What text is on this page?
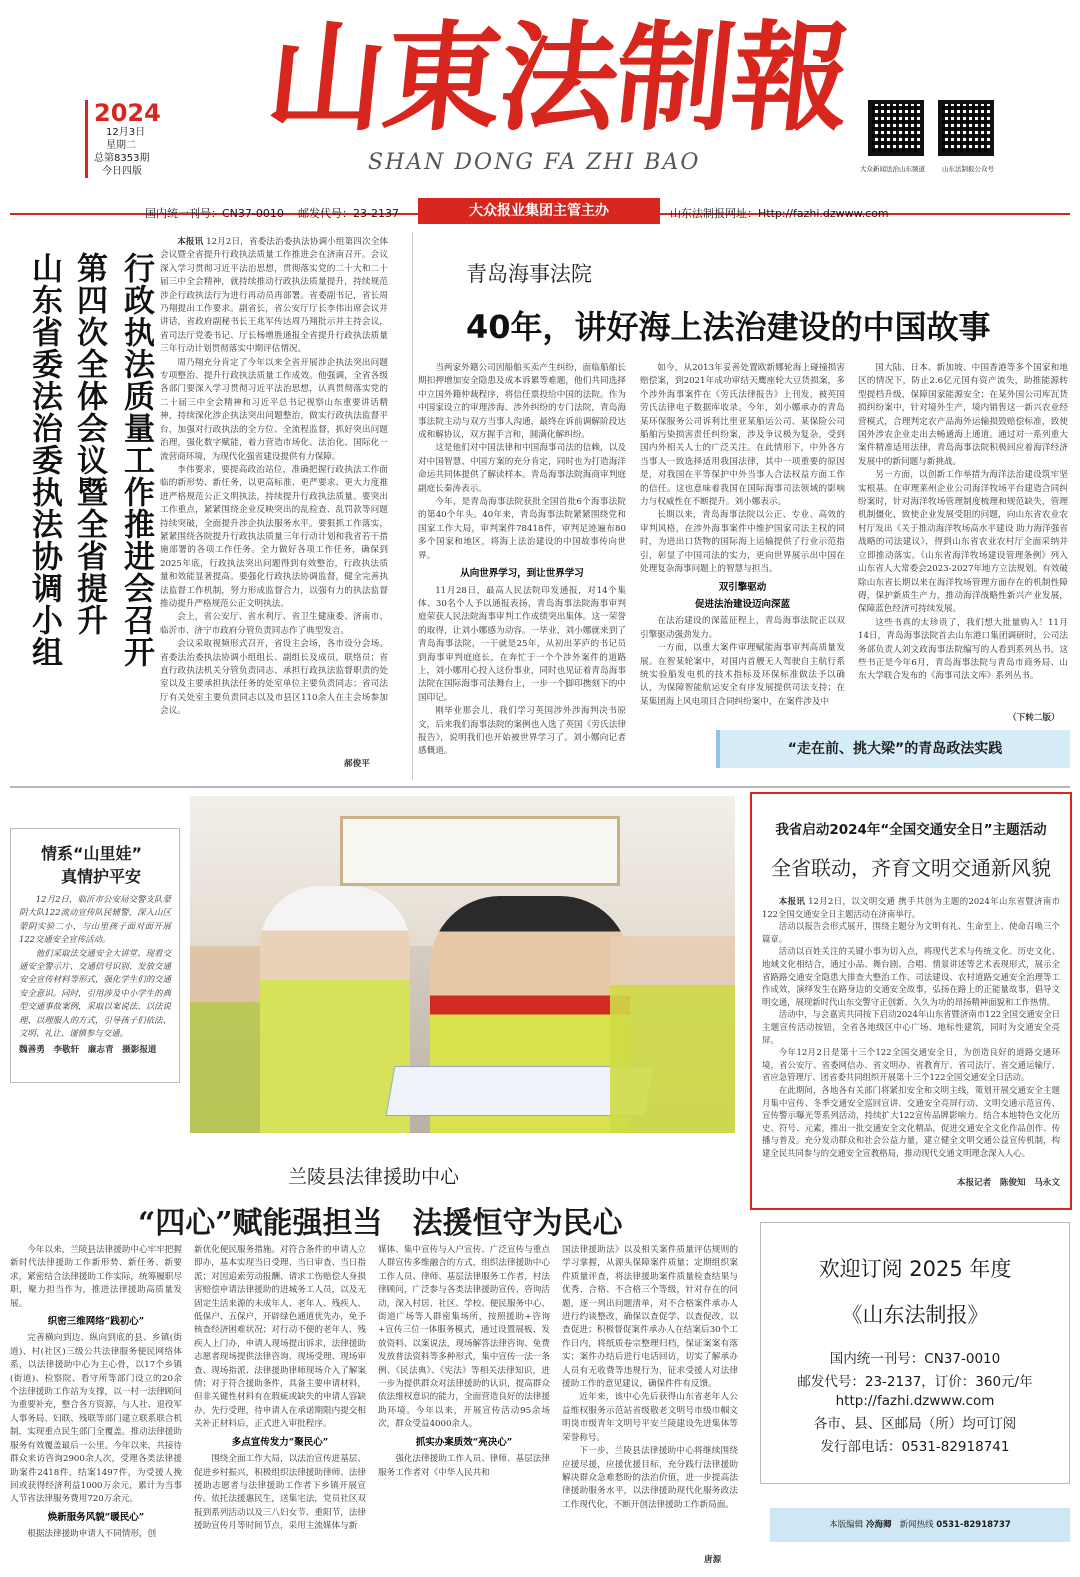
山東法制報
SHAN DONG FA ZHI BAO
2024
12月3日
星期二
总第8353期
今日四版	大众新闻法治山东频道	山东法制报公众号
国内统一刊号：CN37-0010 邮发代号：23-2137	大众报业集团主管主办	山东法制报网址：Http://fazhi.dzwww.com
山东省委法治委执法协调小组 第四次全体会议暨全省提升 行政执法质量工作推进会召开

本报讯 12月2日，省委法治委执法协调小组第四次全体会议暨全省提升行政执法质量工作推进会在济南召开。会议深入学习贯彻习近平法治思想，贯彻落实党的二十大和二十届三中全会精神，就持续推动行政执法质量提升，持续规范涉企行政执法行为进行再动员再部署。省委副书记，省长周乃翔提出工作要求。副省长，省公安厅厅长李伟出席会议并讲话，省政府副秘书长王兆军传达周乃翔批示并主持会议，省司法厅党委书记、厅长杨增胜通报全省提升行政执法质量三年行动计划贯彻落实中期评估情况。

周乃翔充分肯定了今年以来全省开展涉企执法突出问题专项整治、提升行政执法质量工作成效。他强调，全省各级各部门要深入学习贯彻习近平法治思想，认真贯彻落实党的二十届三中全会精神和习近平总书记视察山东重要讲话精神，持续深化涉企执法突出问题整治，做实行政执法监督平台，加强对行政执法的全方位、全流程监督，抓好突出问题治理，强化数字赋能，着力营造市场化、法治化、国际化一流营商环境，为现代化强省建设提供有力保障。

李伟要求，要提高政治站位，准确把握行政执法工作面临的新形势、新任务，以更高标准、更严要求、更大力度推进严格规范公正文明执法，持续提升行政执法质量。要突出工作重点，紧紧围绕企业反映突出的乱检查、乱罚款等问题持续突破，全面提升涉企执法服务水平。要狠抓工作落实，紧紧围绕各院提升行政执法质量三年行动计划和我省若干措施部署的各项工作任务。全力做好各项工作任务，确保到2025年底，行政执法突出问题得到有效整治，行政执法质量和效能显著提高。要强化行政执法协调监督，健全完善执法监督工作机制，努力形成监督合力，以强有力的执法监督推动提升严格规范公正文明执法。

会上，省公安厅、省水利厅、省卫生健康委、济南市、临沂市、济宁市政府分管负责同志作了典型发言。

会议采取视频形式召开，省设主会场，各市设分会场。省委法治委执法协调小组组长、副组长及成员，联络员；省直行政执法机关分管负责同志、承担行政执法监督职责的处室以及主要承担执法任务的处室单位主要负责同志；省司法厅有关处室主要负责同志以及市县区110余人在主会场参加会议。

郝俊平
青岛海事法院
40年，讲好海上法治建设的中国故事

当两家外籍公司因船舶买卖产生纠纷，面临船舶长期扣押增加安全隐患及成本诉累等难题，他们共同选择中立国外籍仲裁程序，将信任票投给中国的法院。作为中国家设立的审理涉海、涉外纠纷的专门法院，青岛海事法院主动与双方当事人沟通，最终在诉前调解阶段达成和解协议，双方握手言和，圆满化解纠纷。

这是他们对中国法律和中国海事司法的信赖，以及对中国智慧、中国方案的充分肯定，同时也为打造海洋命运共同体提供了解读样本。青岛海事法院海商审判庭副庭长秦涛表示。

今年，是青岛海事法院获批全国首批6个海事法院的第40个年头。40年来，青岛海事法院紧紧围绕党和国家工作大局，审判案件78418件，审判足迹遍布80多个国家和地区，将海上法治建设的中国故事传向世界。

从向世界学习，到让世界学习

11月28日，最高人民法院印发通报，对14个集体、30名个人予以通报表扬，青岛海事法院海事审判庭荣获人民法院海事审判工作成绩突出集体。这一荣誉的取得，让刘小娜感为动容。一毕业，刘小娜就来到了青岛海事法院，一干就是25年，从初出茅庐的书记员到海事审判庭庭长，在奔忙于一个个涉外案件的道路上，刘小娜用心投入这份事业，同时也见证着青岛海事法院在国际海事司法舞台上，一步一个脚印携刻下的中国印记。

刚毕业那会儿，我们学习英国涉外涉海判决书原文，后来我们海事法院的案例也入选了英国《劳氏法律报告》，说明我们也开始被世界学习了。刘小娜向记者感慨道。

如今，从2013年妥善处置欧新娜轮海上碰撞损害赔偿案，到2021年成功审结天鹰座轮大豆货损案，多个涉外海事案件在《劳氏法律报告》上刊发，被英国劳氏法律电子数据库收录。今年，刘小娜承办的青岛某环保服务公司诉利比里亚某船运公司、某保险公司船舶污染损害责任纠纷案，涉及争议极为复杂，受到国内外相关人士的广泛关注。在此情形下，中外各方当事人一致选择适用我国法律，其中一项重要的原因是，对我国在平等保护中外当事人合法权益方面工作的信任。这也意味着我国在国际海事司法领域的影响力与权威性在不断提升。刘小娜表示。

长期以来，青岛海事法院以公正、专业、高效的审判风格，在涉外海事案件中维护国家司法主权的同时，为进出口货物的国际海上运输提供了行业示范指引，彰显了中国司法的实力，更向世界展示出中国在处理复杂海事问题上的智慧与担当。

双引擎驱动

促进法治建设迈向深蓝

在法治建设的深蓝征程上，青岛海事法院正以双引擎驱动强劲发力。

一方面，以重大案件审理赋能海事审判高质量发展。在智某轮案中，对国内首艘无人驾驶自主航行系统实验船发电机的技术指标及环保标准做法予以确认，为保障智能航运安全有序发展提供司法支持；在某集团海上风电项目合同纠纷案中，在案件涉及中

国大陆、日本、新加坡、中国香港等多个国家和地区的情况下，防止2.6亿元国有资产流失，助推能源转型提档升级，保障国家能源安全；在某外国公司库瓦货损纠纷案中，针对境外生产，境内销售这一新兴农业经营模式，合理判定农产品海外运输损毁赔偿标准，致使国外涉农企业走出去畅通海上通道。通过对一系列重大案件精准适用法律，青岛海事法院积极回应着海洋经济发展中的新问题与新挑战。

另一方面，以创新工作举措为海洋法治建设筑牢坚实根基。在审理莱州企业公司海洋牧场平台建造合同纠纷案时，针对海洋牧场管理制度梳理和规范缺失，管理机制僵化，致使企业发展受阻的问题，向山东省农业农村厅发出《关于推动海洋牧场高水平建设 助力海洋强省战略的司法建议》，得到山东省农业农村厅全面采纳并立即推动落实。《山东省海洋牧场建设管理条例》列入山东省人大常委会2023-2027年地方立法规划。有效破除山东省长期以来在海洋牧场管理方面存在的机制性障碍，保护新质生产力，推动海洋战略性新兴产业发展，保障蓝色经济可持续发展。

这些书真的太珍贵了，我们想大批量购入！11月14日，青岛海事法院首去山东港口集团调研时，公司法务部负责人刘文政海事法院编写的人看到系列丛书。这些书正是今年6月，青岛海事法院与青岛市商务局、山东大学联合发布的《海事司法文库》系列丛书。

（下转二版）
“走在前、挑大梁”的青岛政法实践
情系“山里娃”
真情护平安

12月2日，临沂市公安局交警支队蒙阴大队122流动宣传队民辅警，深入山区蒙阴实验二小，与山里孩子面对面开展122交通安全宣传活动。

他们采取法交通安全大讲堂、现看交通安全警示片、交通信号识别、发放交通安全宣传材料等形式，强化学生们的交通安全意识。同时，引用涉及中小学生的典型交通事故案例，采取以案说法、以法说理、以理服人的方式，引导孩子们依法、文明、礼让、谨慎参与交通。

魏善勇　李敬轩　廉志青　摄影报道
我省启动2024年“全国交通安全日”主题活动
全省联动，齐育文明交通新风貌

本报讯 12月2日，以文明交通 携手共创为主题的2024年山东省暨济南市122全国交通安全日主题活动在济南举行。

活动以报告会形式展开，围绕主题分为文明有礼、生命至上、使命召唤三个篇章。

活动以百姓关注的关键小事为切入点，将现代艺术与传统文化、历史文化、地域文化相结合，通过小品、舞台剧、合唱、情景讲述等艺术表现形式，展示全省路路交通安全隐患大排查大整治工作、司法建设、农村道路交通安全治理等工作成效，演绎发生在路身边的交通安全故事，弘扬在路上的正能量故事，倡导文明交通，展现新时代山东交警守正创新、久久为功的昂扬精神面貌和工作热情。

活动中，与会嘉宾共同按下启动2024年山东省暨济南市122全国交通安全日主题宣传活动按钮，全省各地级区中心广场、地标性建筑，同时为交通安全亮屏。

今年12月2日是第十三个122全国交通安全日，为创造良好的道路交通环境，省公安厅、省委网信办、省文明办、省教育厅、省司法厅、省交通运输厅、省应急管理厅、团省委共同组织开展第十三个122全国交通安全日活动。

在此期间，各地各有关部门将紧扣安全和文明主线，策划开展交通安全主题月集中宣传、冬季交通安全巡回宣讲、交通安全亮屏行动、文明交通示范宣传、宣传警示曝光等系列活动，持续扩大122宣传品牌影响力。结合本地特色文化历史、符号、元素，推出一批交通安全文化精品，促进交通安全文化作品创作、传播与普及。充分发动群众和社会公益力量，建立健全文明交通公益宣传机制，构建全民共同参与的交通安全宣教格局，推动现代交通文明理念深入人心。

本报记者　陈俊知　马永文
兰陵县法律援助中心
“四心”赋能强担当　法援恒守为民心

今年以来，兰陵县法律援助中心牢牢把握新时代法律援助工作新形势、新任务、新要求，紧密结合法律援助工作实际，统筹履职尽职，聚力担当作为，推进法律援助高质量发展。

织密三维网络“践初心”

完善横向到边、纵向到底的县、乡镇(街道)、村(社区)三级公共法律服务便民网络体系，以法律援助中心为主心骨，以17个乡镇(街道)、检察院、看守所等部门设立的20余个法律援助工作站为支撑，以一村一法律顾问为重要补充，整合各方资源，与人社、退役军人事务局、妇联、残联等部门建立联系联合机制，实现重点民生部门全覆盖。推动法律援助服务有效覆盖最后一公里。今年以来，共接待群众来访咨询2900余人次，受理各类法律援助案件2418件，结案1497件，为受援人挽回或获得经济利益1000万余元，累计为当事人节省法律服务费用720万余元。

焕新服务风貌“暖民心”

根据法律援助申请人不同情形，创

新优化便民服务措施。对符合条件的申请人立即办，基本实现当日受理、当日审查、当日指派；对因追索劳动报酬、请求工伤赔偿人身损害赔偿申请法律援助的进城务工人员，以及无固定生活来源的未成年人、老年人、残疾人、低保户、五保户，开辟绿色通道优先办，免予核查经济困难状况；对行动不便的老年人、残疾人上门办，申请人现场提出诉求，法律援助志愿者现场提供法律咨询、现场受理、现场审查、现场指派、法律援助律师现场介入了解案情；对于符合援助条件，具备主要申请材料，但非关键性材料有在瑕疵或缺失的申请人容缺办，先行受理，待申请人在承诺期限内提交相关补正材料后，正式进入审批程序。

多点宣传发力“聚民心”

围绕全面工作大局，以法治宣传进基层、促进乡村振兴，积极组织法律援助律师、法律援助志愿者与法律援助工作者下乡镇开展宣传。依托法援惠民生，送集宅法，党员社区双报到系列活动以及三八妇女节、重阳节，法律援助宣传月等时间节点，采用主流媒体与新

媒体、集中宣传与入户宣传、广泛宣传与重点人群宣传多维融合的方式，组织法律援助中心工作人员、律师、基层法律服务工作者，村法律顾问，广泛参与各类法律援助宣传、咨询活动，深入村居、社区、学校、便民服务中心、街道广场等人群密集场所，按照援助+咨询+宣传三位一体服务模式，通过设置展板、发放资料、以案说法，现场解答法律咨询、免费发放普法资料等多种形式，集中宣传一法一条例、《民法典》、《宪法》等相关法律知识，进一步为提供群众对法律援助的认识，提高群众依法维权意识的能力，全面营造良好的法律援助环境。今年以来，开展宣传活动95余场次，群众受益4000余人。

抓实办案质效“亮决心”

强化法律援助工作人员、律师、基层法律服务工作者对《中华人民共和

国法律援助法》以及相关案件质量评估规则的学习掌握，从源头保障案件质量；定期组织案件质量评查，将法律援助案件质量检查结果与优秀、合格、不合格三个等级，针对存在的问题，逐一列出问题清单，对不合格案件承办人进行约谈整改，确保以查促学、以查促改，以查促进；积极督促案件承办人在结案后30个工作日内，将纸质卷宗整理归档，保证案案有落实；案件办结后进行电话回访，切实了解承办人员有无收费等违规行为，征求受援人对法律援助工作的意见建议，确保件件有反馈。

近年来，该中心先后获得山东省老年人公益维权服务示范站省级敬老文明号市级巾帼文明岗市级青年文明号平安兰陵建设先进集体等荣誉称号。

下一步，兰陵县法律援助中心将继续围绕应援尽援，应援优援目标，充分践行法律援助解决群众急难愁盼的法治价值，进一步提高法律援助服务水平，以法律援助现代化服务政法工作现代化，不断开创法律援助工作新局面。

唐源
欢迎订阅 2025 年度
《山东法制报》
国内统一刊号：CN37-0010
邮发代号：23-2137，订价：360元/年
http://fazhi.dzwww.com
各市、县、区邮局（所）均可订阅
发行部电话：0531-82918741
本版编辑 冷海卿 新闻热线 0531-82918737
